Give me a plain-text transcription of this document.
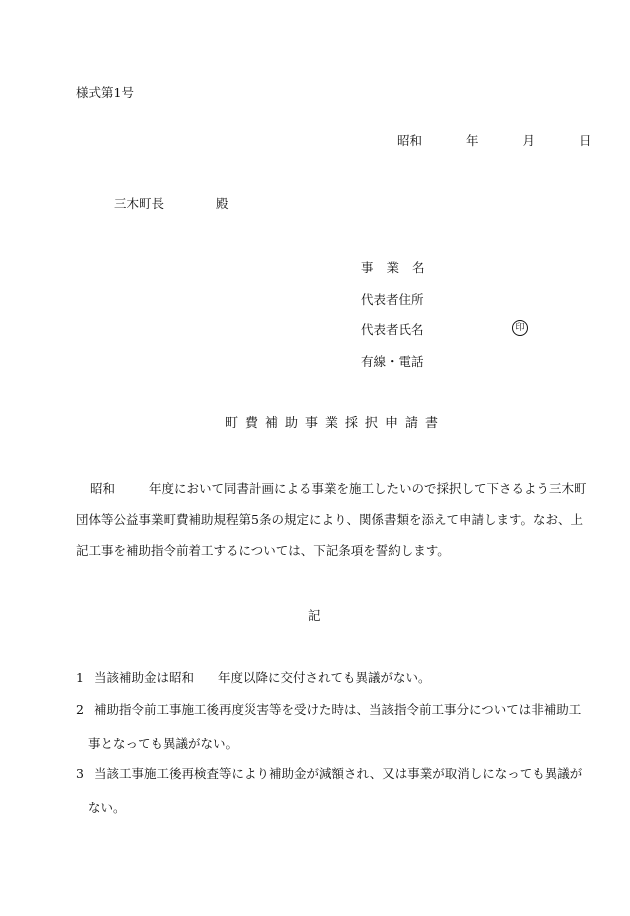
様式第1号
昭和	年	月	日
三木町長	殿
事業名
代表者住所
代表者氏名	印
有線・電話
町費補助事業採択申請書
昭和	年度において同書計画による事業を施工したいので採択して下さるよう三木町
団体等公益事業町費補助規程第5条の規定により、関係書類を添えて申請します。なお、上
記工事を補助指令前着工するについては、下記条項を誓約します。
記
1 当該補助金は昭和 年度以降に交付されても異議がない。
2 補助指令前工事施工後再度災害等を受けた時は、当該指令前工事分については非補助工
事となっても異議がない。
3 当該工事施工後再検査等により補助金が減額され、又は事業が取消しになっても異議が
ない。
